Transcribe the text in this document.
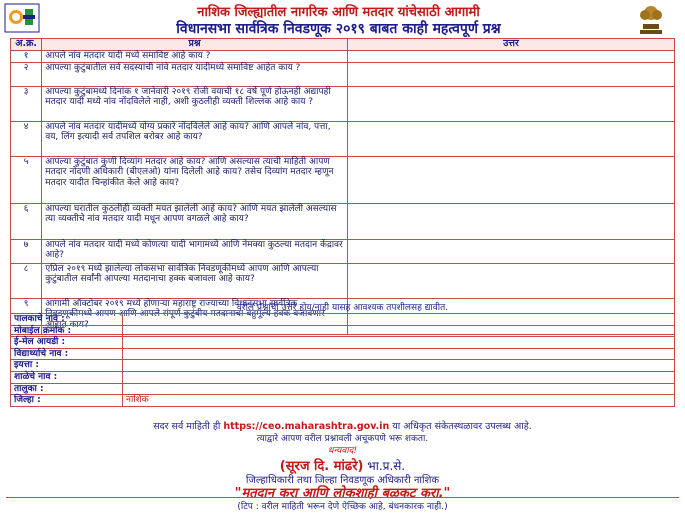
नाशिक जिल्ह्यातील नागरिक आणि मतदार यांचेसाठी आगामी
विधानसभा सार्वत्रिक निवडणूक २०१९ बाबत काही महत्वपूर्ण प्रश्न
अ.क्र.	प्रश्न	उत्तर
१	आपले नांव मतदार यादी मध्ये समाविष्ट आहे काय ?	
२	आपल्या कुटुंबातील सर्व सदस्यांची नांवे मतदार यादीमध्ये समाविष्ट आहेत काय ?	
३	आपल्या कुटुंबामध्ये दिनांक १ जानेवारी २०१९ रोजी वयाची १८ वर्षे पूर्ण होऊनही अद्यापही मतदार यादी मध्ये नांव नोंदविलेले नाही, अशी कुठलीही व्यक्ती शिल्लक आहे काय ?	
४	आपले नांव मतदार यादीमध्ये योग्य प्रकारे नोंदविलेले आहे काय? आणि आपले नांव, पत्ता, वय, लिंग इत्यादी सर्व तपशिल बरोबर आहे काय?	
५	आपल्या कुटुंबात कुणी दिव्यांग मतदार आहे काय? आणि असल्यास त्याची माहिती आपण मतदार नोंदणी अधिकारी (बीएलओ) यांना दिलेली आहे काय? तसेच दिव्यांग मतदार म्हणून मतदार यादीत चिन्हांकीत केले आहे काय?	
६	आपल्या घरातील कुठलीही व्यक्ती मयत झालेली आहे काय? आणि मयत झालेली असल्यास त्या व्यक्तीचे नांव मतदार यादी मधून आपण वगळले आहे काय?	
७	आपले नांव मतदार यादी मध्ये कोणत्या यादी भागामध्ये आणि नेमक्या कुठल्या मतदान केंद्रावर आहे?	
८	एप्रिल २०१९ मध्ये झालेल्या लोकसभा सार्वत्रिक निवडणूकीमध्ये आपण आणि आपल्या कुटुंबातील सर्वांनी आपल्या मतदानाचा हक्क बजावला आहे काय?	
९	आगामी ऑक्टोबर २०१९ मध्ये होणाऱ्या महाराष्ट्र राज्याच्या विधानसभा सार्वत्रिक निवडणूकीमध्ये आपण आणि आपले संपूर्ण कुटुंबीय मतदानाचा बहुमूल्य हक्क बजावणार आहात काय?	
वरील प्रश्नांची उत्तरे होय/नाही यासह आवश्यक तपशीलसह द्यावीत.
पालकाचे नाव :	
मोबाईल क्रमांक :	
ई-मेल आयडी :	
विद्यार्थ्याचे नाव :	
इयत्ता :	
शाळेचे नाव :	
तालुका :	
जिल्हा :	नाशिक
सदर सर्व माहिती ही https://ceo.maharashtra.gov.in या अधिकृत संकेतस्थळावर उपलब्ध आहे.
त्याद्वारे आपण वरील प्रश्नावली अचूकपणे भरू शकता.
धन्यवाद!
(सूरज दि. मांढरे) भा.प्र.से.
जिल्हाधिकारी तथा जिल्हा निवडणूक अधिकारी नाशिक
"मतदान करा आणि लोकशाही बळकट करा."
(टिप : वरील माहिती भरून देणे ऐच्छिक आहे, बंधनकारक नाही.)
